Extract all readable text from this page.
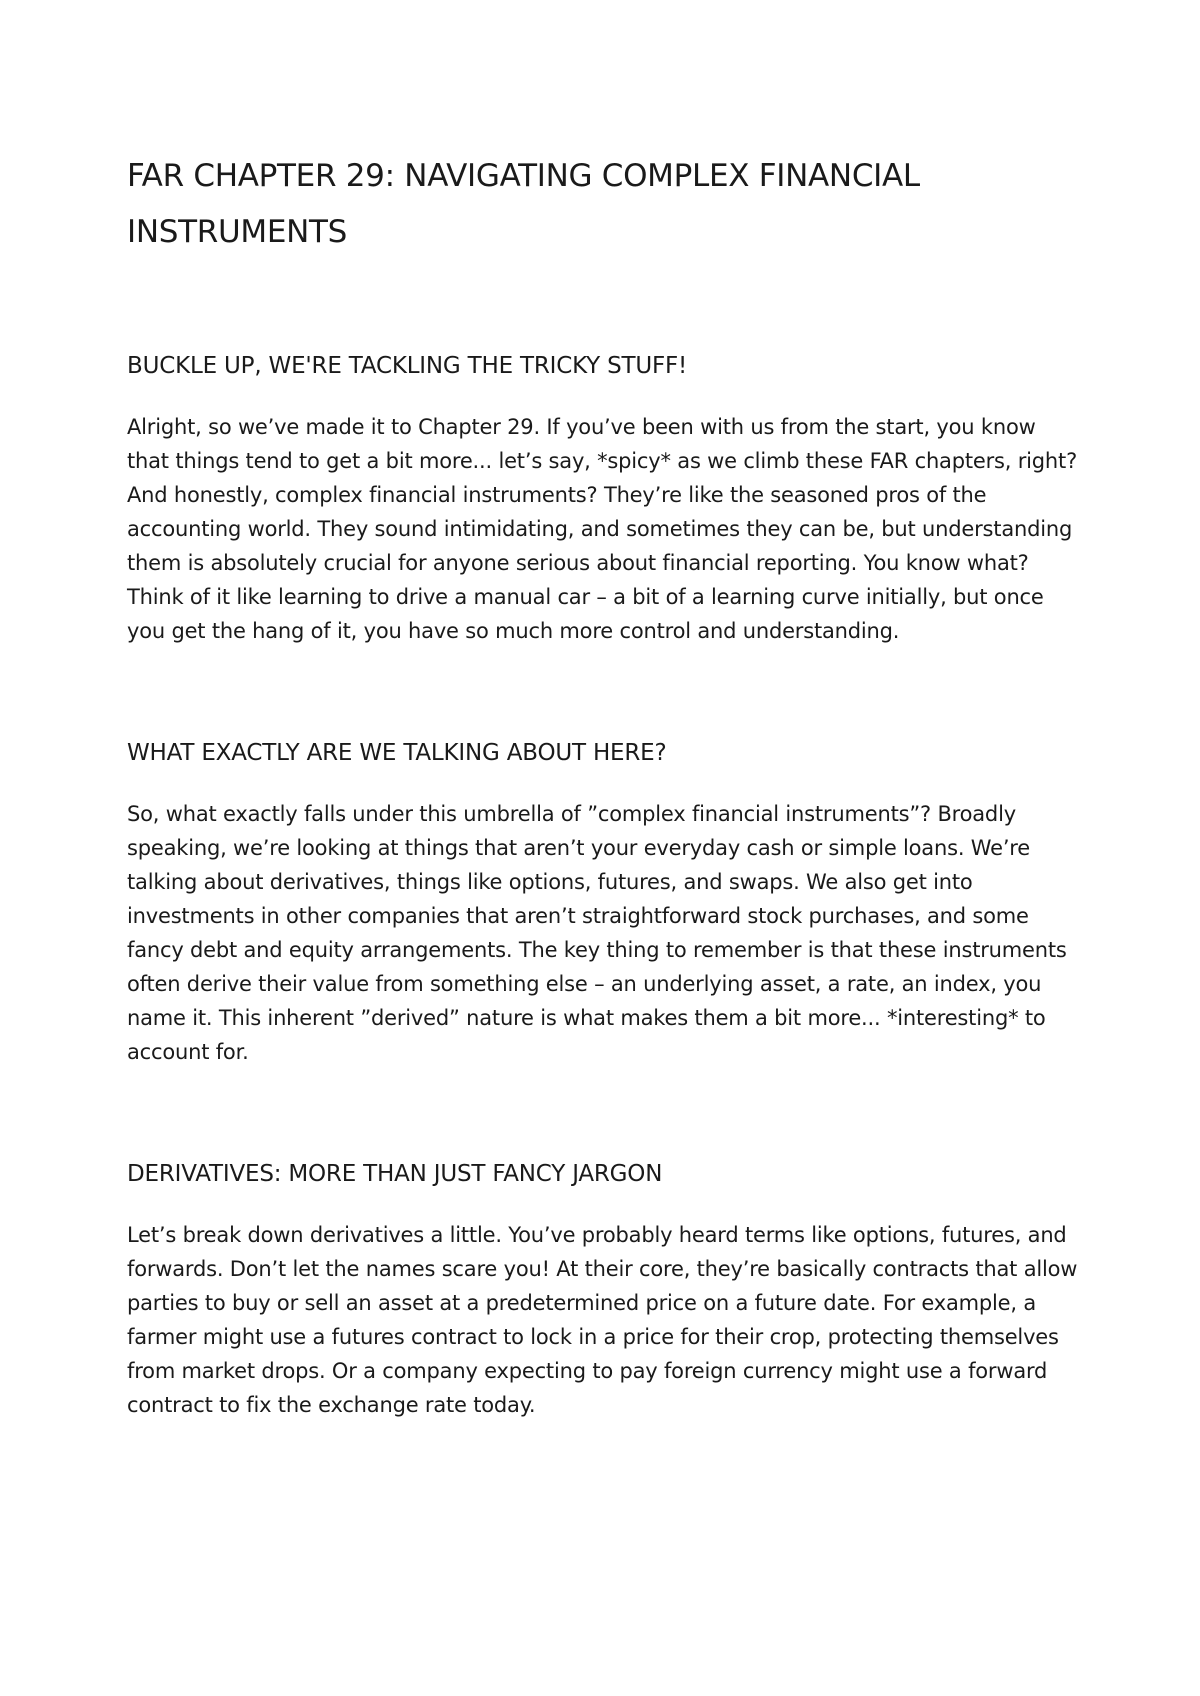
FAR CHAPTER 29: NAVIGATING COMPLEX FINANCIAL INSTRUMENTS
BUCKLE UP, WE'RE TACKLING THE TRICKY STUFF!

Alright, so we’ve made it to Chapter 29. If you’ve been with us from the start, you know that things tend to get a bit more... let’s say, *spicy* as we climb these FAR chapters, right? And honestly, complex financial instruments? They’re like the seasoned pros of the accounting world. They sound intimidating, and sometimes they can be, but understanding them is absolutely crucial for anyone serious about financial reporting. You know what? Think of it like learning to drive a manual car – a bit of a learning curve initially, but once you get the hang of it, you have so much more control and understanding.

WHAT EXACTLY ARE WE TALKING ABOUT HERE?

So, what exactly falls under this umbrella of ”complex financial instruments”? Broadly speaking, we’re looking at things that aren’t your everyday cash or simple loans. We’re talking about derivatives, things like options, futures, and swaps. We also get into investments in other companies that aren’t straightforward stock purchases, and some fancy debt and equity arrangements. The key thing to remember is that these instruments often derive their value from something else – an underlying asset, a rate, an index, you name it. This inherent ”derived” nature is what makes them a bit more... *interesting* to account for.

DERIVATIVES: MORE THAN JUST FANCY JARGON

Let’s break down derivatives a little. You’ve probably heard terms like options, futures, and forwards. Don’t let the names scare you! At their core, they’re basically contracts that allow parties to buy or sell an asset at a predetermined price on a future date. For example, a farmer might use a futures contract to lock in a price for their crop, protecting themselves from market drops. Or a company expecting to pay foreign currency might use a forward contract to fix the exchange rate today.
